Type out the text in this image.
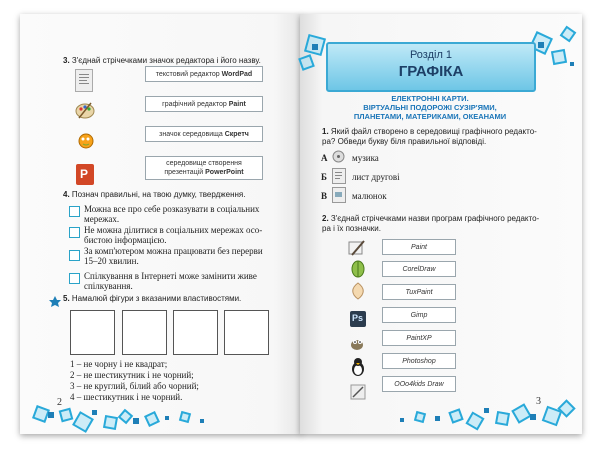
3. З'єднай стрічечками значок редактора і його назву.
P
текстовий редактор WordPad
графічний редактор Paint
значок середовища Скретч
середовище створення
презентацій PowerPoint
4. Познач правильні, на твою думку, твердження.
Можна все про себе розказувати в соціальних
мережах.
Не можна ділитися в соціальних мережах осо-
бистою інформацією.
За комп'ютером можна працювати без перерви
15–20 хвилин.
Спілкування в Інтернеті може замінити живе
спілкування.
5. Намалюй фігури з вказаними властивостями.
1 – не чорну і не квадрат;
2 – не шестикутник і не чорний;
3 – не круглий, білий або чорний;
4 – шестикутник і не чорний.
2
Розділ 1
ГРАФІКА
ЕЛЕКТРОННІ КАРТИ.
ВІРТУАЛЬНІ ПОДОРОЖІ СУЗІР'ЯМИ,
ПЛАНЕТАМИ, МАТЕРИКАМИ, ОКЕАНАМИ
1. Який файл створено в середовищі графічного редакто-
ра? Обведи букву біля правильної відповіді.
А	музика
Б	лист другові
В	малюнок
2. З'єднай стрічечками назви програм графічного редакто-
ра і їх позначки.
Ps
Paint
CorelDraw
TuxPaint
Gimp
PaintXP
Photoshop
OOo4kids Draw
3
